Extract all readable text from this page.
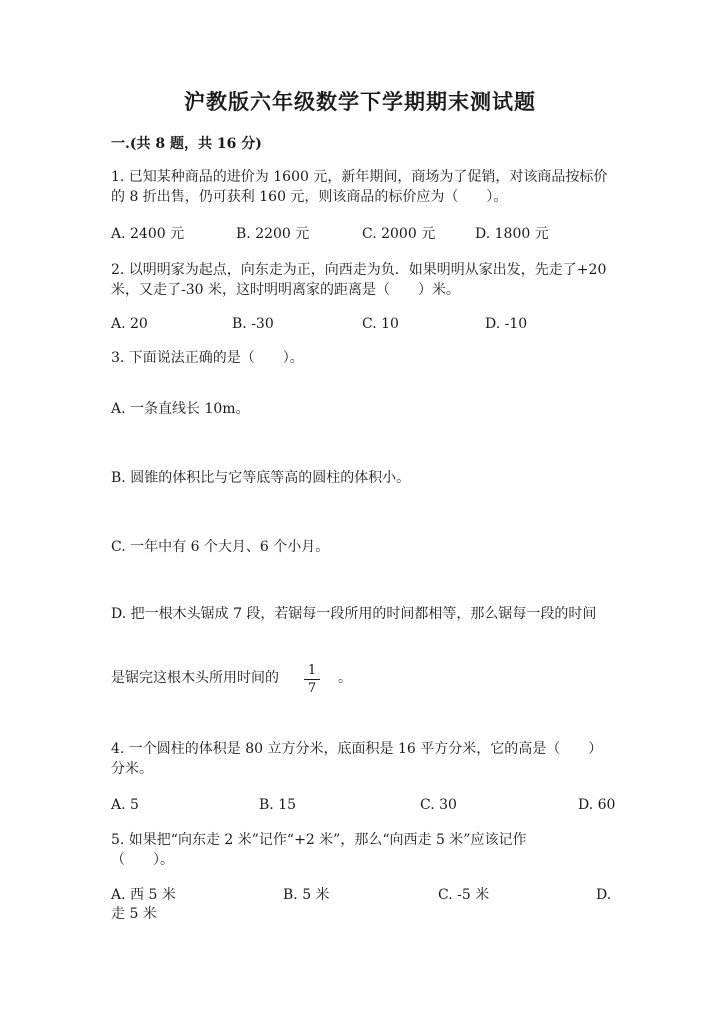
沪教版六年级数学下学期期末测试题
一.(共 8 题，共 16 分)
1. 已知某种商品的进价为 1600 元，新年期间，商场为了促销，对该商品按标价
的 8 折出售，仍可获利 160 元，则该商品的标价应为（　　）。
A. 2400 元	B. 2200 元	C. 2000 元	D. 1800 元
2. 以明明家为起点，向东走为正，向西走为负．如果明明从家出发，先走了+20
米，又走了-30 米，这时明明离家的距离是（　　）米。
A. 20	B. -30	C. 10	D. -10
3. 下面说法正确的是（　　）。
A. 一条直线长 10m。
B. 圆锥的体积比与它等底等高的圆柱的体积小。
C. 一年中有 6 个大月、6 个小月。
D. 把一根木头锯成 7 段，若锯每一段所用的时间都相等，那么锯每一段的时间
是锯完这根木头所用时间的	1
7
。
4. 一个圆柱的体积是 80 立方分米，底面积是 16 平方分米，它的高是（　　）
分米。
A. 5	B. 15	C. 30	D. 60
5. 如果把“向东走 2 米”记作“+2 米”，那么“向西走 5 米”应该记作
（　　）。
A. 西 5 米	B. 5 米	C. -5 米	D.
走 5 米
